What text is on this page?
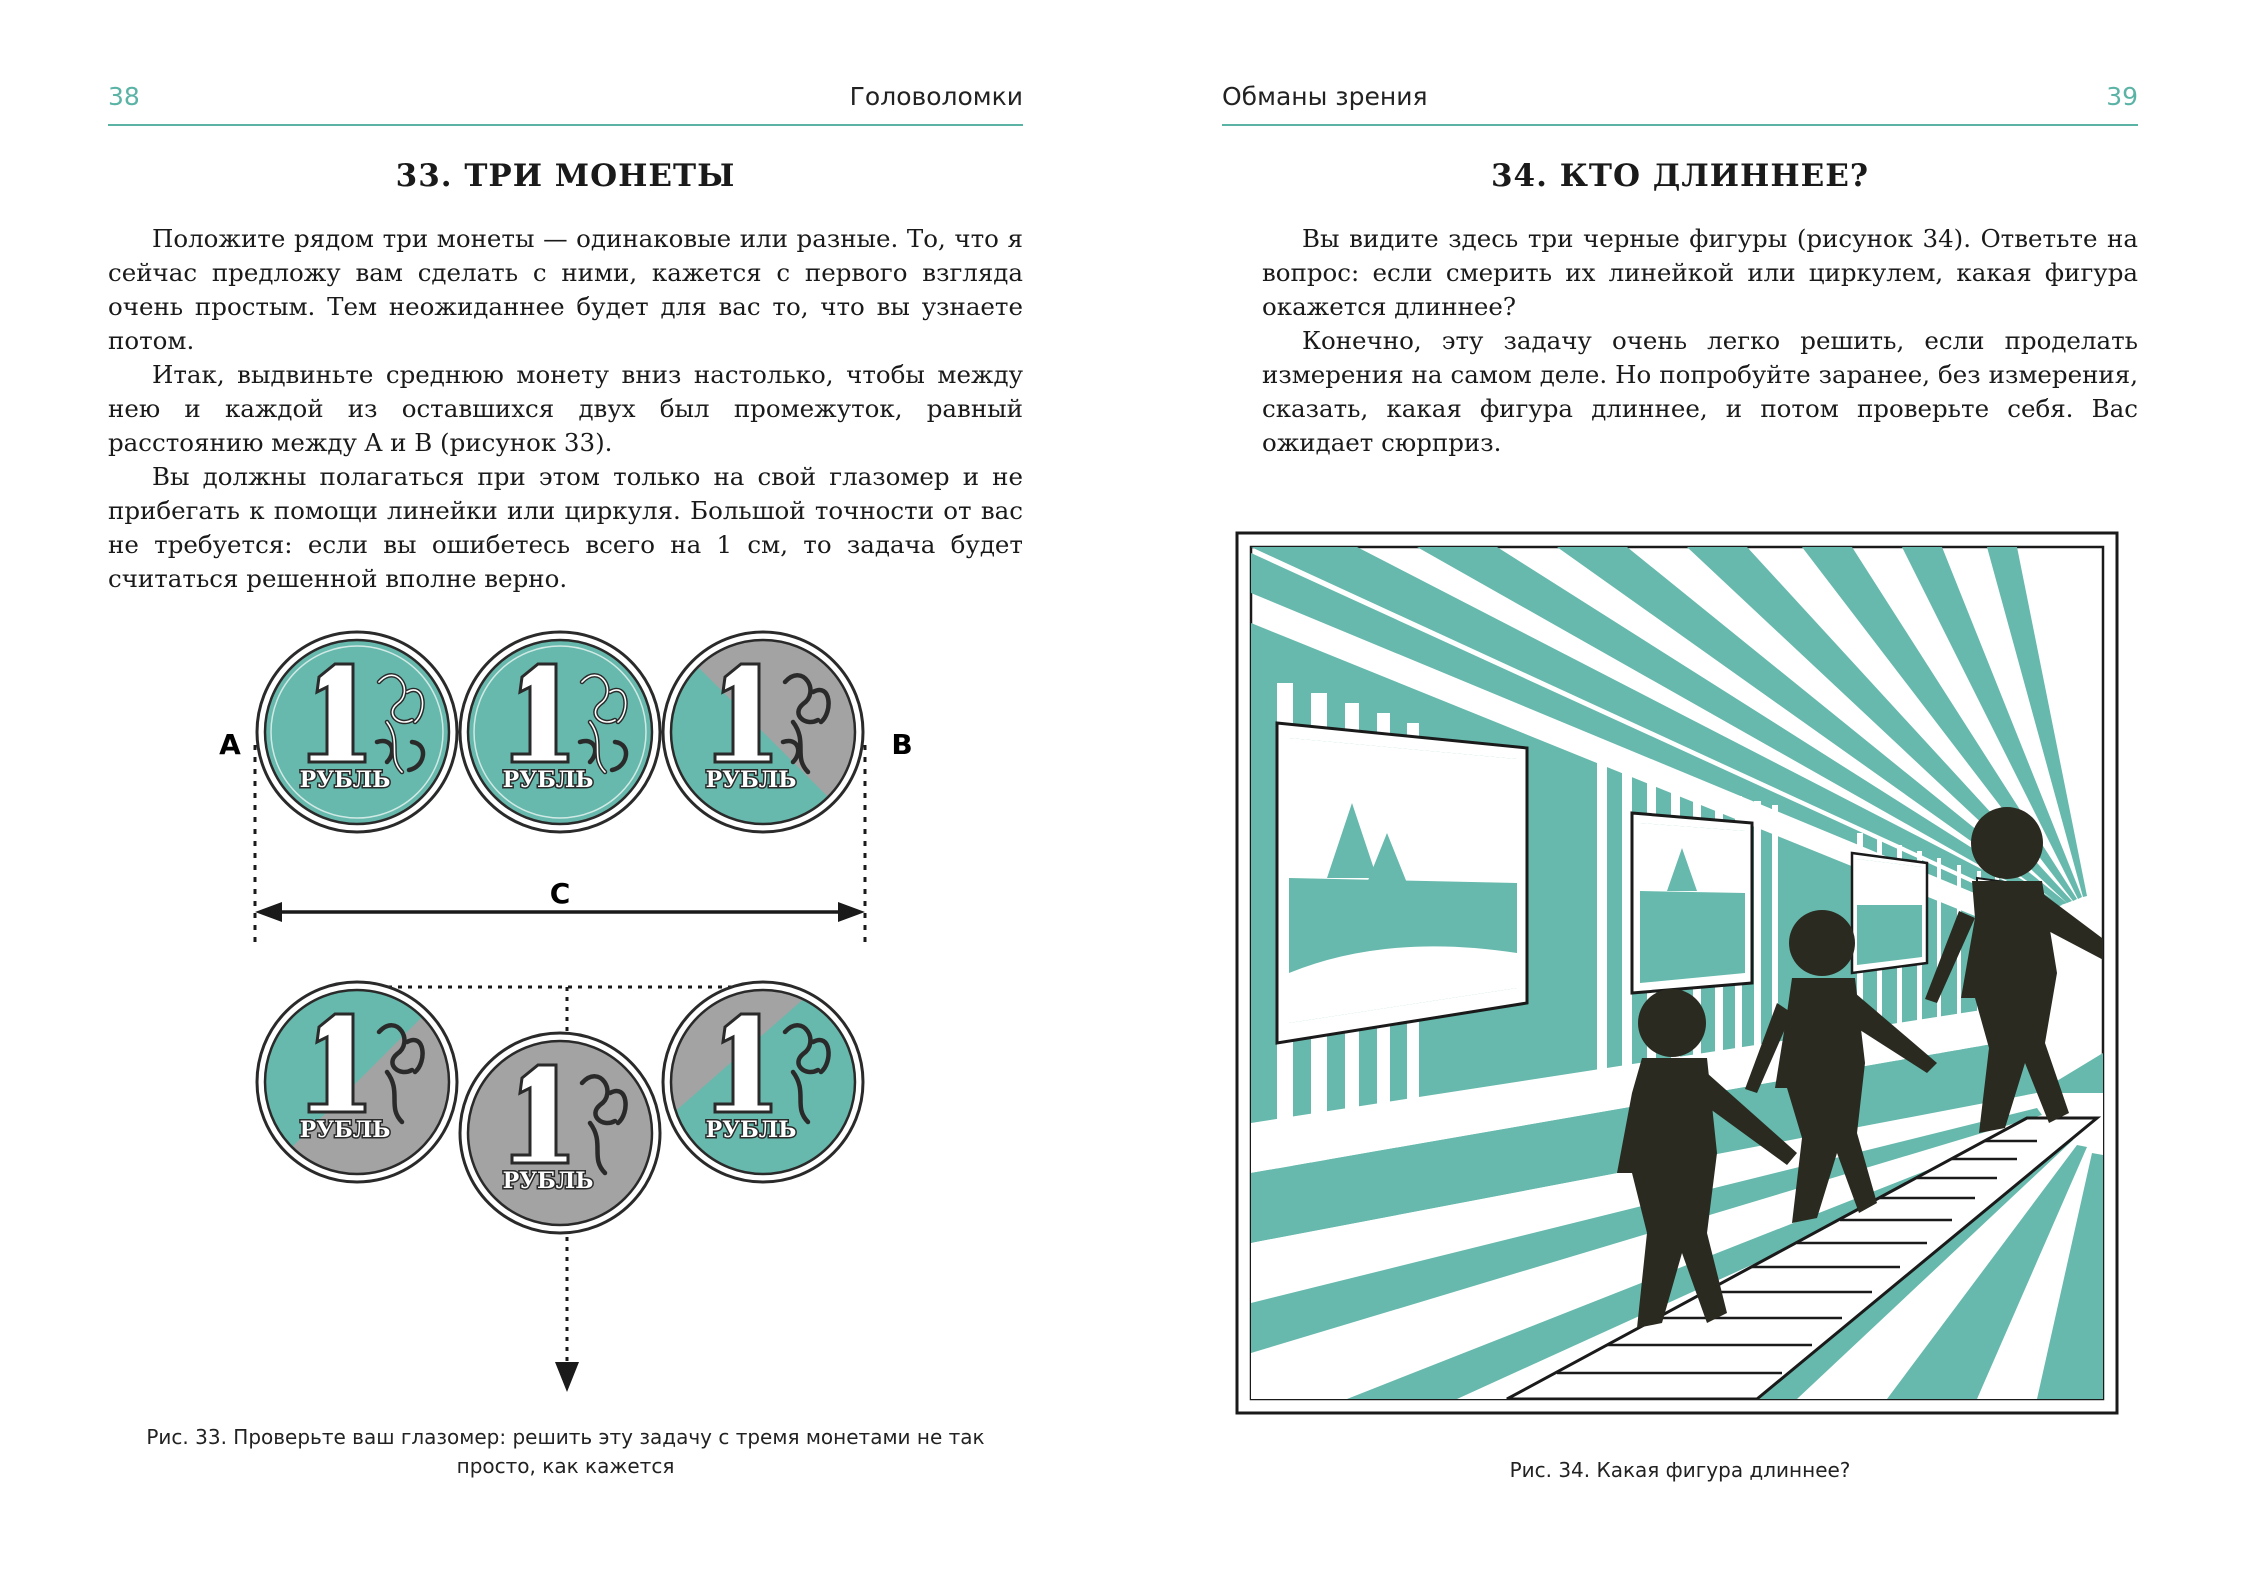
38	Головоломки
33. ТРИ МОНЕТЫ

Положите рядом три монеты — одинаковые или разные. То, что я сейчас предложу вам сделать с ними, кажется с первого взгляда очень простым. Тем неожиданнее будет для вас то, что вы узнаете потом.

Итак, выдвиньте среднюю монету вниз настолько, чтобы между нею и каждой из оставшихся двух был промежуток, равный расстоянию между A и B (рисунок 33).

Вы должны полагаться при этом только на свой глазомер и не прибегать к помощи линейки или циркуля. Большой точности от вас не требуется: если вы ошибетесь всего на 1 см, то задача будет считаться решенной вполне верно.

РУБЛЬ	РУБЛЬ	РУБЛЬ
A	B
C
РУБЛЬ
РУБЛЬ
РУБЛЬ
Рис. 33. Проверьте ваш глазомер: решить эту задачу с тремя монетами не так просто, как кажется
Обманы зрения	39
34. КТО ДЛИННЕЕ?

Вы видите здесь три черные фигуры (рисунок 34). Ответьте на вопрос: если смерить их линейкой или циркулем, какая фигура окажется длиннее?

Конечно, эту задачу очень легко решить, если проделать измерения на самом деле. Но попробуйте заранее, без измерения, сказать, какая фигура длиннее, и потом проверьте себя. Вас ожидает сюрприз.

Рис. 34. Какая фигура длиннее?
